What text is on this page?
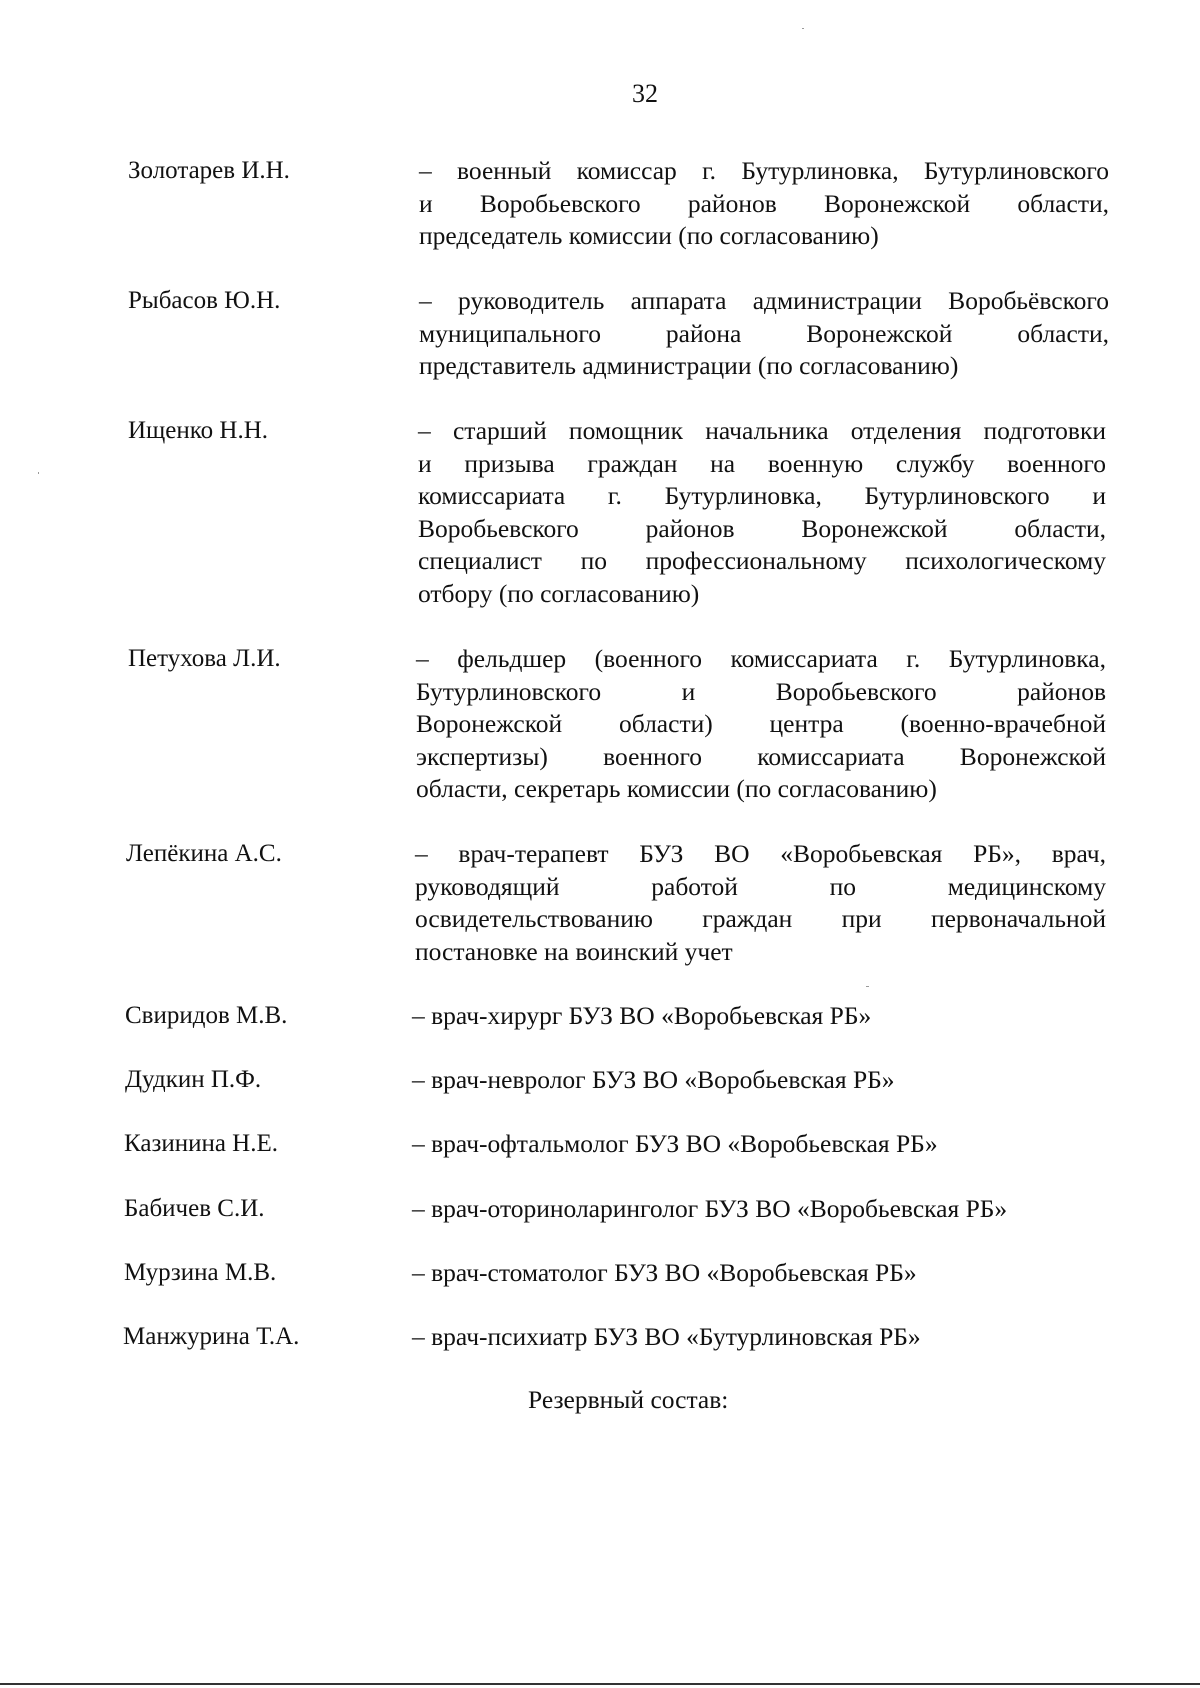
32
Золотарев И.Н.	– военный комиссар г. Бутурлиновка, Бутурлиновского
и Воробьевского районов Воронежской области,
председатель комиссии (по согласованию)
Рыбасов Ю.Н.	– руководитель аппарата администрации Воробьёвского
муниципального района Воронежской области,
представитель администрации (по согласованию)
Ищенко Н.Н.	– старший помощник начальника отделения подготовки
и призыва граждан на военную службу военного
комиссариата г. Бутурлиновка, Бутурлиновского и
Воробьевского районов Воронежской области,
специалист по профессиональному психологическому
отбору (по согласованию)
Петухова Л.И.	– фельдшер (военного комиссариата г. Бутурлиновка,
Бутурлиновского и Воробьевского районов
Воронежской области) центра (военно-врачебной
экспертизы) военного комиссариата Воронежской
области, секретарь комиссии (по согласованию)
Лепёкина А.С.	– врач-терапевт БУЗ ВО «Воробьевская РБ», врач,
руководящий работой по медицинскому
освидетельствованию граждан при первоначальной
постановке на воинский учет
Свиридов М.В.	– врач-хирург БУЗ ВО «Воробьевская РБ»
Дудкин П.Ф.	– врач-невролог БУЗ ВО «Воробьевская РБ»
Казинина Н.Е.	– врач-офтальмолог БУЗ ВО «Воробьевская РБ»
Бабичев С.И.	– врач-оториноларинголог БУЗ ВО «Воробьевская РБ»
Мурзина М.В.	– врач-стоматолог БУЗ ВО «Воробьевская РБ»
Манжурина Т.А.	– врач-психиатр БУЗ ВО «Бутурлиновская РБ»
Резервный состав:
